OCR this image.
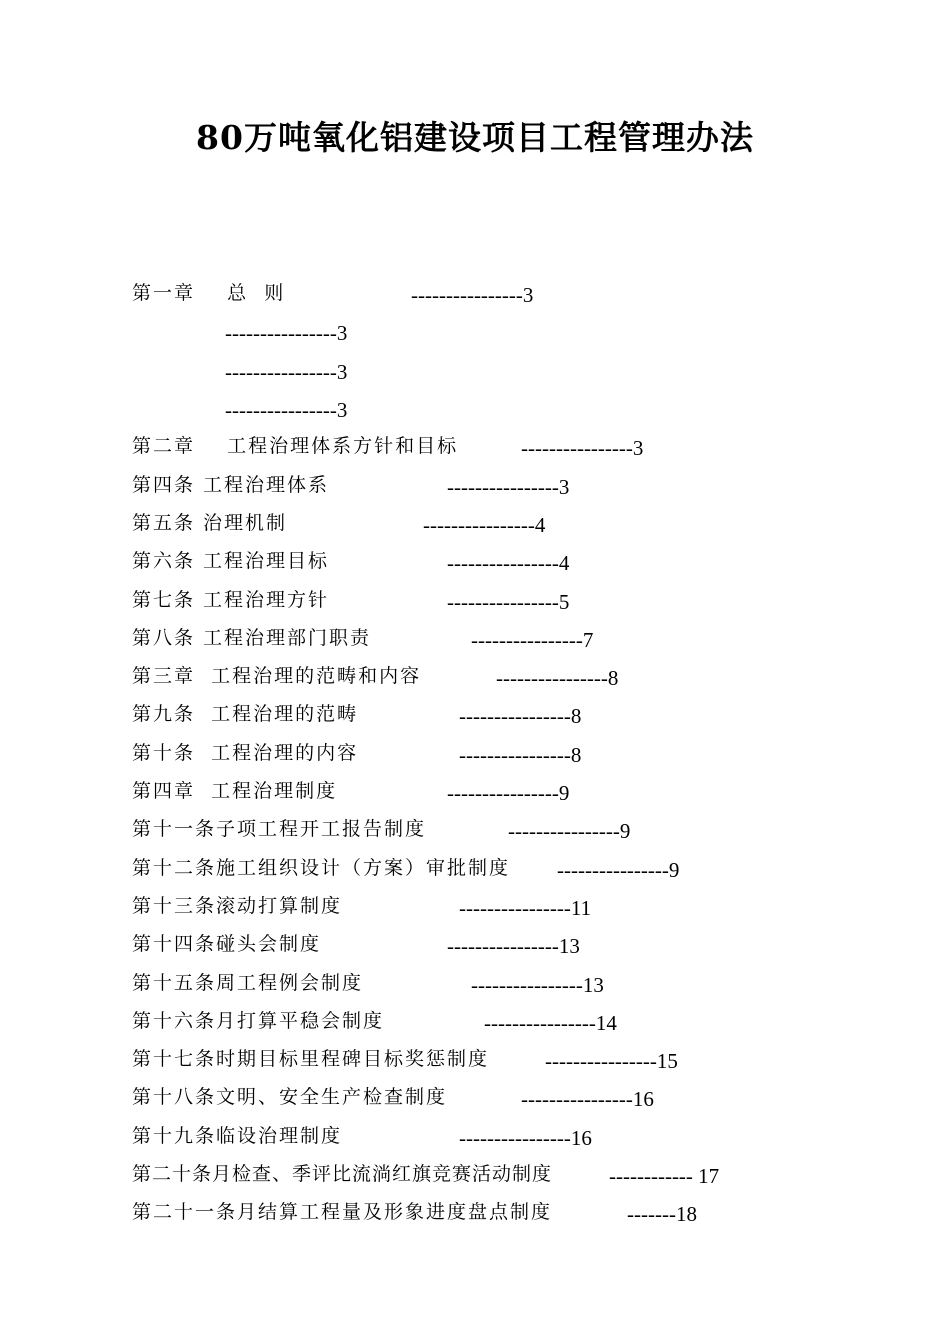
80万吨氧化铝建设项目工程管理办法
第一章    总  则	----------------3
----------------3
----------------3
----------------3
第二章    工程治理体系方针和目标	----------------3
第四条 工程治理体系	----------------3
第五条 治理机制	----------------4
第六条 工程治理目标	----------------4
第七条 工程治理方针	----------------5
第八条 工程治理部门职责	----------------7
第三章  工程治理的范畴和内容	----------------8
第九条  工程治理的范畴	----------------8
第十条  工程治理的内容	----------------8
第四章  工程治理制度	----------------9
第十一条子项工程开工报告制度	----------------9
第十二条施工组织设计（方案）审批制度 ----------------9
第十三条滚动打算制度	----------------11
第十四条碰头会制度	----------------13
第十五条周工程例会制度	----------------13
第十六条月打算平稳会制度	----------------14
第十七条时期目标里程碑目标奖惩制度	----------------15
第十八条文明、安全生产检查制度	----------------16
第十九条临设治理制度	----------------16
第二十条月检查、季评比流淌红旗竞赛活动制度	------------ 17
第二十一条月结算工程量及形象进度盘点制度	-------18
